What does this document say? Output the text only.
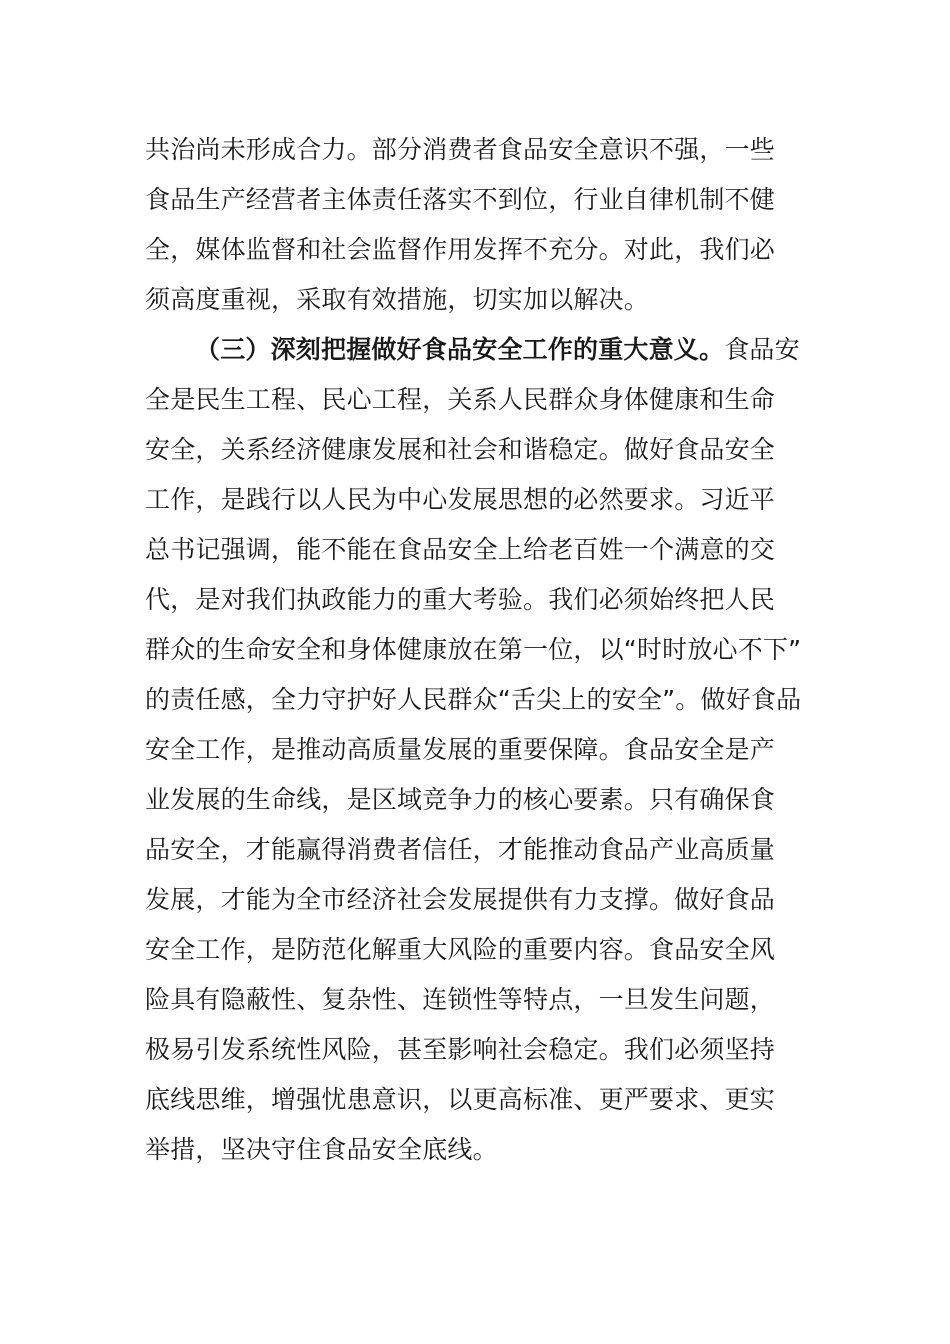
共治尚未形成合力。部分消费者食品安全意识不强，一些
食品生产经营者主体责任落实不到位，行业自律机制不健
全，媒体监督和社会监督作用发挥不充分。对此，我们必
须高度重视，采取有效措施，切实加以解决。
（三）深刻把握做好食品安全工作的重大意义。食品安
全是民生工程、民心工程，关系人民群众身体健康和生命
安全，关系经济健康发展和社会和谐稳定。做好食品安全
工作，是践行以人民为中心发展思想的必然要求。习近平
总书记强调，能不能在食品安全上给老百姓一个满意的交
代，是对我们执政能力的重大考验。我们必须始终把人民
群众的生命安全和身体健康放在第一位，以“时时放心不下”
的责任感，全力守护好人民群众“舌尖上的安全”。做好食品
安全工作，是推动高质量发展的重要保障。食品安全是产
业发展的生命线，是区域竞争力的核心要素。只有确保食
品安全，才能赢得消费者信任，才能推动食品产业高质量
发展，才能为全市经济社会发展提供有力支撑。做好食品
安全工作，是防范化解重大风险的重要内容。食品安全风
险具有隐蔽性、复杂性、连锁性等特点，一旦发生问题，
极易引发系统性风险，甚至影响社会稳定。我们必须坚持
底线思维，增强忧患意识，以更高标准、更严要求、更实
举措，坚决守住食品安全底线。
